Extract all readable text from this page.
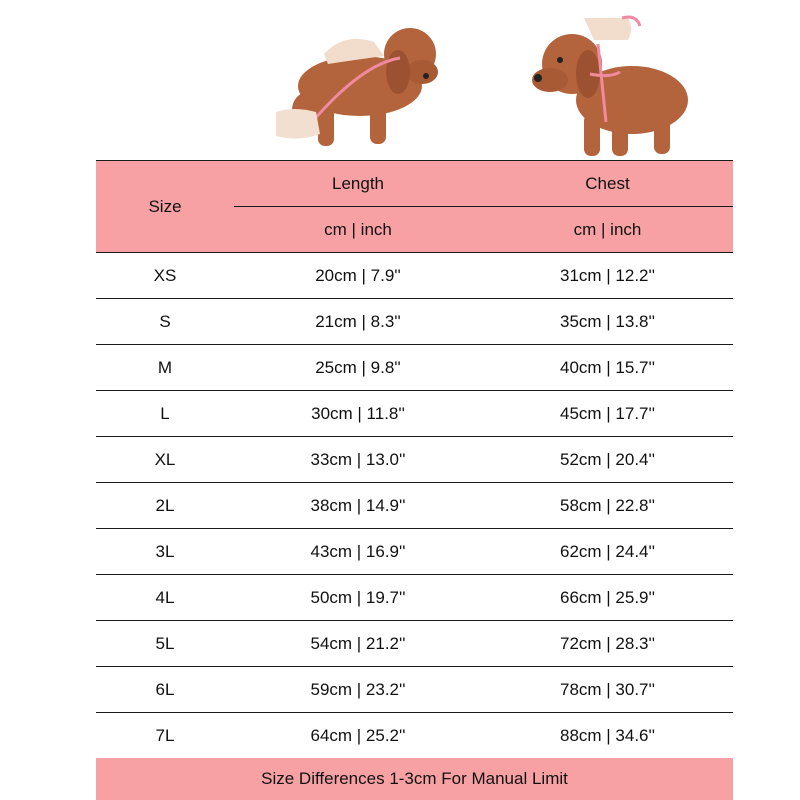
Size	Length	Chest
	cm | inch	cm | inch
XS	20cm | 7.9''	31cm | 12.2''
S	21cm | 8.3''	35cm | 13.8''
M	25cm | 9.8''	40cm | 15.7''
L	30cm | 11.8''	45cm | 17.7''
XL	33cm | 13.0''	52cm | 20.4''
2L	38cm | 14.9''	58cm | 22.8''
3L	43cm | 16.9''	62cm | 24.4''
4L	50cm | 19.7''	66cm | 25.9''
5L	54cm | 21.2''	72cm | 28.3''
6L	59cm | 23.2''	78cm | 30.7''
7L	64cm | 25.2''	88cm | 34.6''
Size Differences 1-3cm For Manual Limit
